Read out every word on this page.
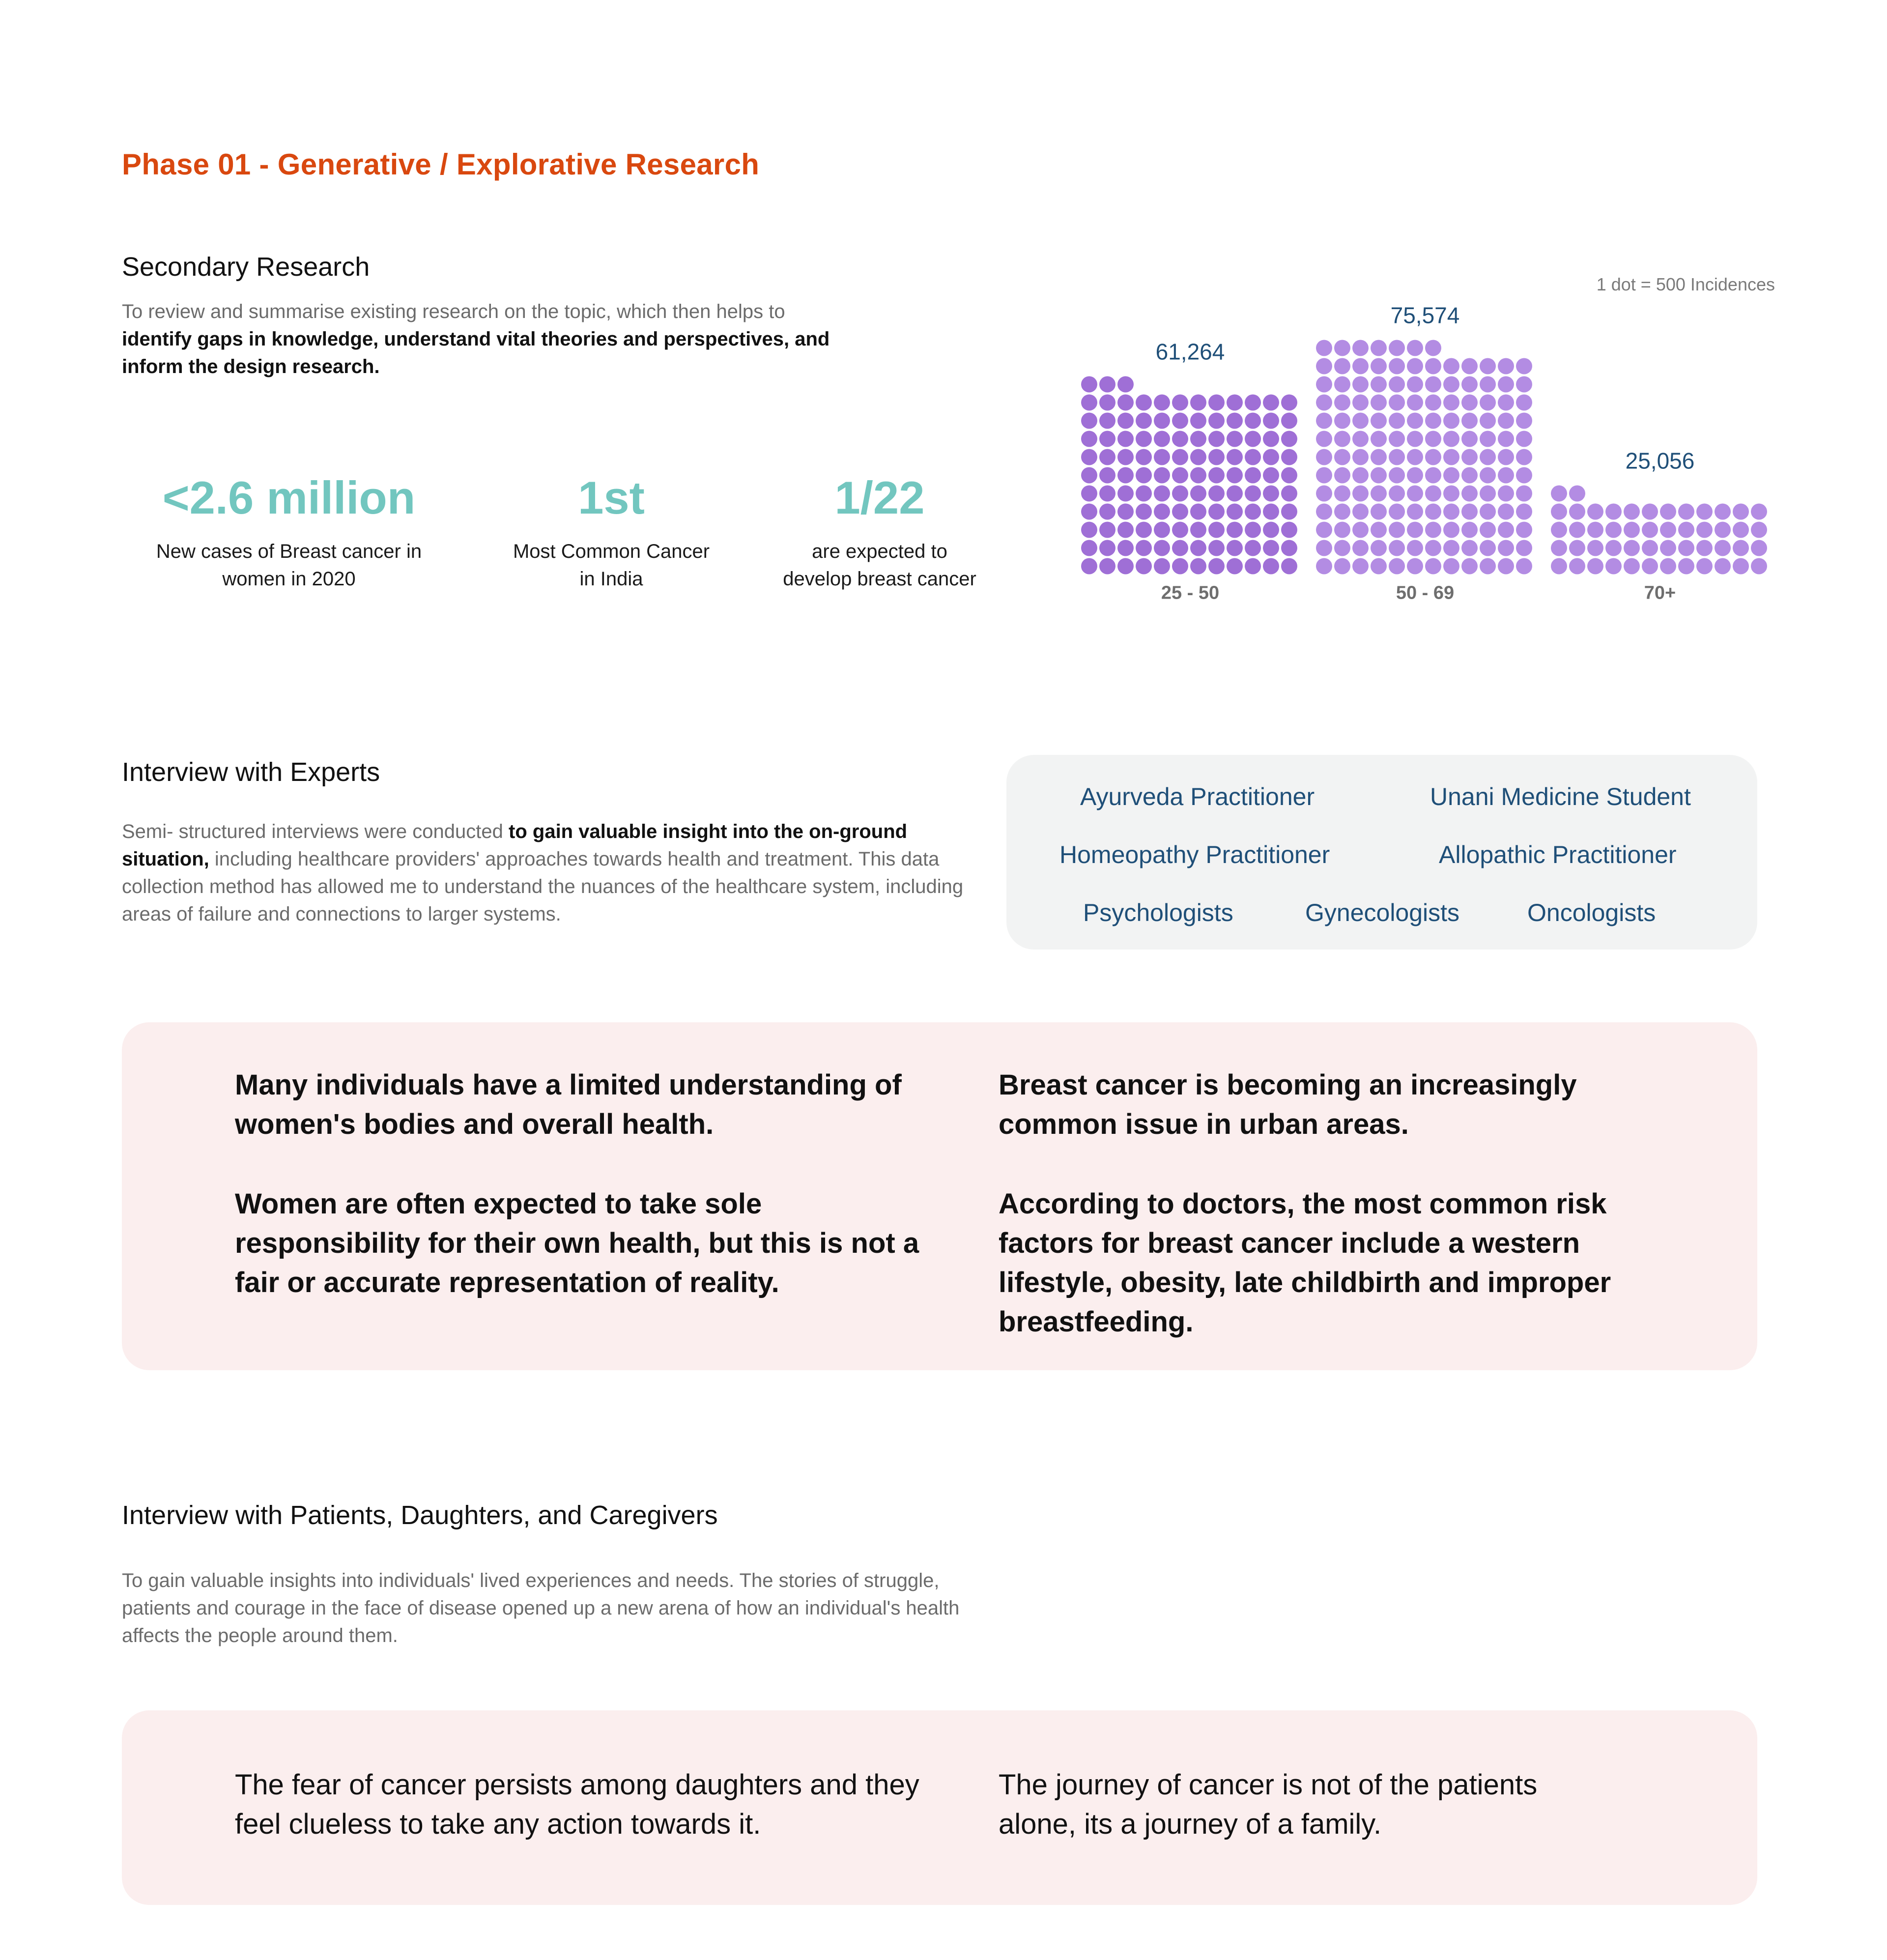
Phase 01 - Generative / Explorative Research
Secondary Research
To review and summarise existing research on the topic, which then helps to
identify gaps in knowledge, understand vital theories and perspectives, and inform the design research.
<2.6 million
New cases of Breast cancer in
women in 2020
1st
Most Common Cancer
in India
1/22
are expected to
develop breast cancer
1 dot = 500 Incidences
61,264
25 - 50
75,574
50 - 69
25,056
70+
Interview with Experts
Semi- structured interviews were conducted to gain valuable insight into the on-ground situation, including healthcare providers' approaches towards health and treatment. This data collection method has allowed me to understand the nuances of the healthcare system, including areas of failure and connections to larger systems.
Ayurveda Practitioner	Unani Medicine Student
Homeopathy Practitioner	Allopathic Practitioner
Psychologists	Gynecologists	Oncologists
Many individuals have a limited understanding of women's bodies and overall health.
Women are often expected to take sole responsibility for their own health, but this is not a fair or accurate representation of reality.
Breast cancer is becoming an increasingly common issue in urban areas.
According to doctors, the most common risk factors for breast cancer include a western lifestyle, obesity, late childbirth and improper breastfeeding.
Interview with Patients, Daughters, and Caregivers
To gain valuable insights into individuals' lived experiences and needs. The stories of struggle, patients and courage in the face of disease opened up a new arena of how an individual's health affects the people around them.
The fear of cancer persists among daughters and they feel clueless to take any action towards it.
The journey of cancer is not of the patients alone, its a journey of a family.
